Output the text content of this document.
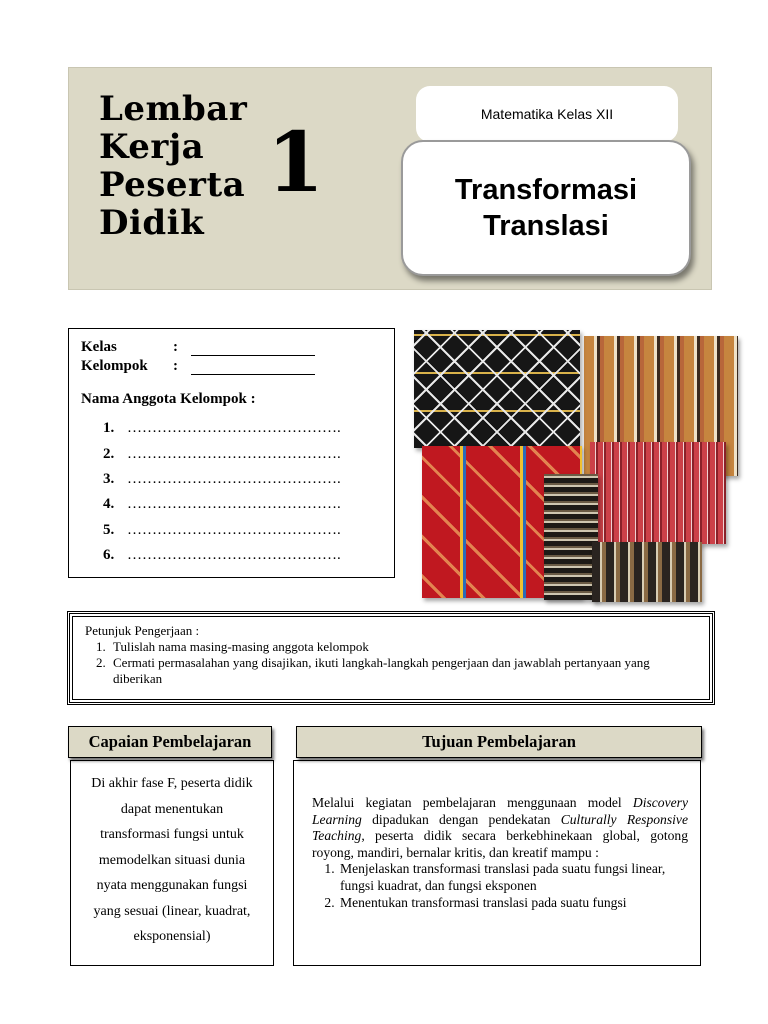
Lembar
Kerja
Peserta
Didik
1
Matematika Kelas XII
Transformasi
Translasi
Kelas	:
Kelompok	:
Nama Anggota Kelompok :
1. …………………………………….
2. …………………………………….
3. …………………………………….
4. …………………………………….
5. …………………………………….
6. …………………………………….
Petunjuk Pengerjaan :
1. Tulislah nama masing-masing anggota kelompok
2. Cermati permasalahan yang disajikan, ikuti langkah-langkah pengerjaan dan jawablah pertanyaan yang diberikan
Capaian Pembelajaran
Di akhir fase F, peserta didik
dapat menentukan
transformasi fungsi untuk
memodelkan situasi dunia
nyata menggunakan fungsi
yang sesuai (linear, kuadrat,
eksponensial)
Tujuan Pembelajaran

Melalui kegiatan pembelajaran menggunaan model Discovery Learning dipadukan dengan pendekatan Culturally Responsive Teaching, peserta didik secara berkebhinekaan global, gotong royong, mandiri, bernalar kritis, dan kreatif mampu :

1. Menjelaskan transformasi translasi pada suatu fungsi linear, fungsi kuadrat, dan fungsi eksponen
2. Menentukan transformasi translasi pada suatu fungsi
